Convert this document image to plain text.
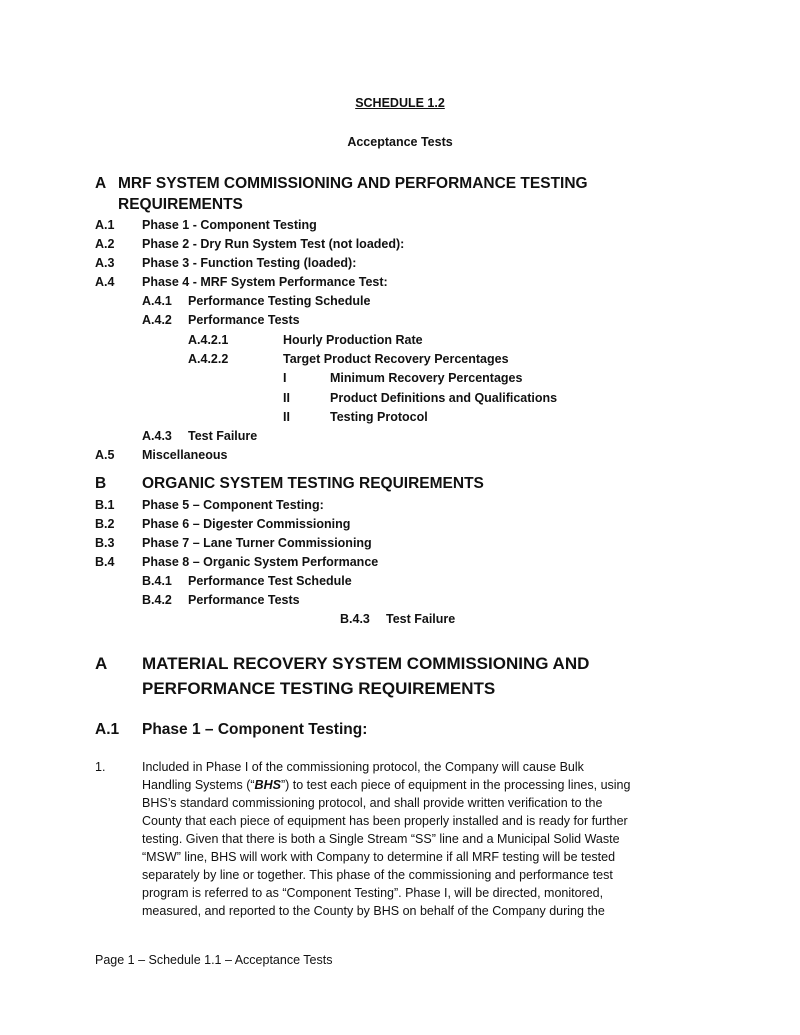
SCHEDULE 1.2
Acceptance Tests
A MRF SYSTEM COMMISSIONING AND PERFORMANCE TESTING
REQUIREMENTS
A.1 Phase 1 - Component Testing
A.2 Phase 2 - Dry Run System Test (not loaded):
A.3 Phase 3 - Function Testing (loaded):
A.4 Phase 4 - MRF System Performance Test:
A.4.1 Performance Testing Schedule
A.4.2 Performance Tests
A.4.2.1	Hourly Production Rate
A.4.2.2	Target Product Recovery Percentages
I	Minimum Recovery Percentages
II	Product Definitions and Qualifications
II	Testing Protocol
A.4.3 Test Failure
A.5 Miscellaneous
B ORGANIC SYSTEM TESTING REQUIREMENTS
B.1 Phase 5 – Component Testing:
B.2 Phase 6 – Digester Commissioning
B.3 Phase 7 – Lane Turner Commissioning
B.4 Phase 8 – Organic System Performance
B.4.1 Performance Test Schedule
B.4.2 Performance Tests
B.4.3 Test Failure
A MATERIAL RECOVERY SYSTEM COMMISSIONING AND
PERFORMANCE TESTING REQUIREMENTS
A.1 Phase 1 – Component Testing:
1.	Included in Phase I of the commissioning protocol, the Company will cause Bulk
Handling Systems (“BHS”) to test each piece of equipment in the processing lines, using
BHS’s standard commissioning protocol, and shall provide written verification to the
County that each piece of equipment has been properly installed and is ready for further
testing. Given that there is both a Single Stream “SS” line and a Municipal Solid Waste
“MSW” line, BHS will work with Company to determine if all MRF testing will be tested
separately by line or together. This phase of the commissioning and performance test
program is referred to as “Component Testing”. Phase I, will be directed, monitored,
measured, and reported to the County by BHS on behalf of the Company during the
Page 1 – Schedule 1.1 – Acceptance Tests
